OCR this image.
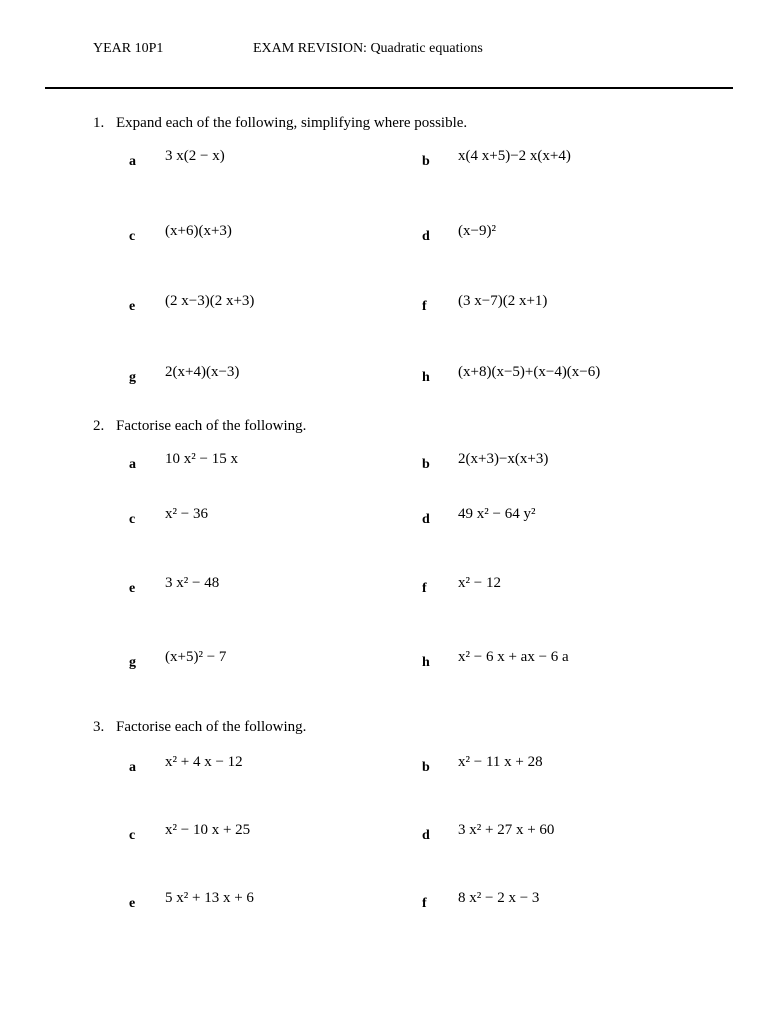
YEAR 10P1	EXAM REVISION: Quadratic equations
1. Expand each of the following, simplifying where possible.
a 3 x(2 − x)	b x(4 x+5)−2 x(x+4)
c (x+6)(x+3)	d (x−9)²
e (2 x−3)(2 x+3)	f (3 x−7)(2 x+1)
g 2(x+4)(x−3)	h (x+8)(x−5)+(x−4)(x−6)
2. Factorise each of the following.
a 10 x² − 15 x	b 2(x+3)−x(x+3)
c x² − 36	d 49 x² − 64 y²
e 3 x² − 48	f x² − 12
g (x+5)² − 7	h x² − 6 x + ax − 6 a
3. Factorise each of the following.
a x² + 4 x − 12	b x² − 11 x + 28
c x² − 10 x + 25	d 3 x² + 27 x + 60
e 5 x² + 13 x + 6	f 8 x² − 2 x − 3
